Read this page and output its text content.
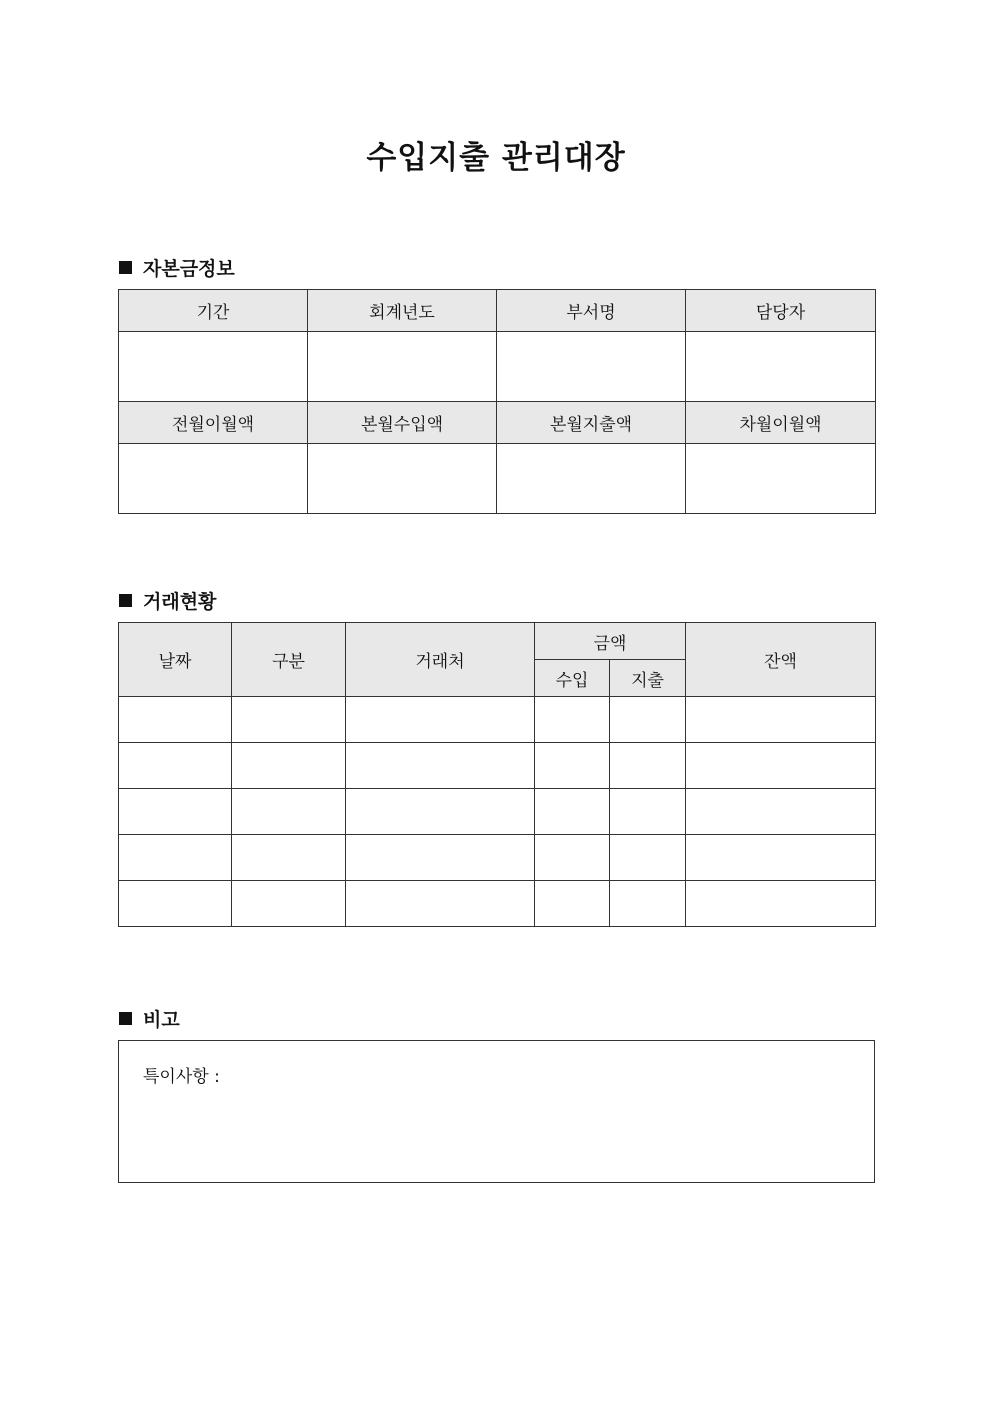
수입지출 관리대장
자본금정보
기간	회계년도	부서명	담당자

전월이월액	본월수입액	본월지출액	차월이월액

거래현황
날짜	구분	거래처	금액		잔액
			수입	지출	

비고
특이사항 :
